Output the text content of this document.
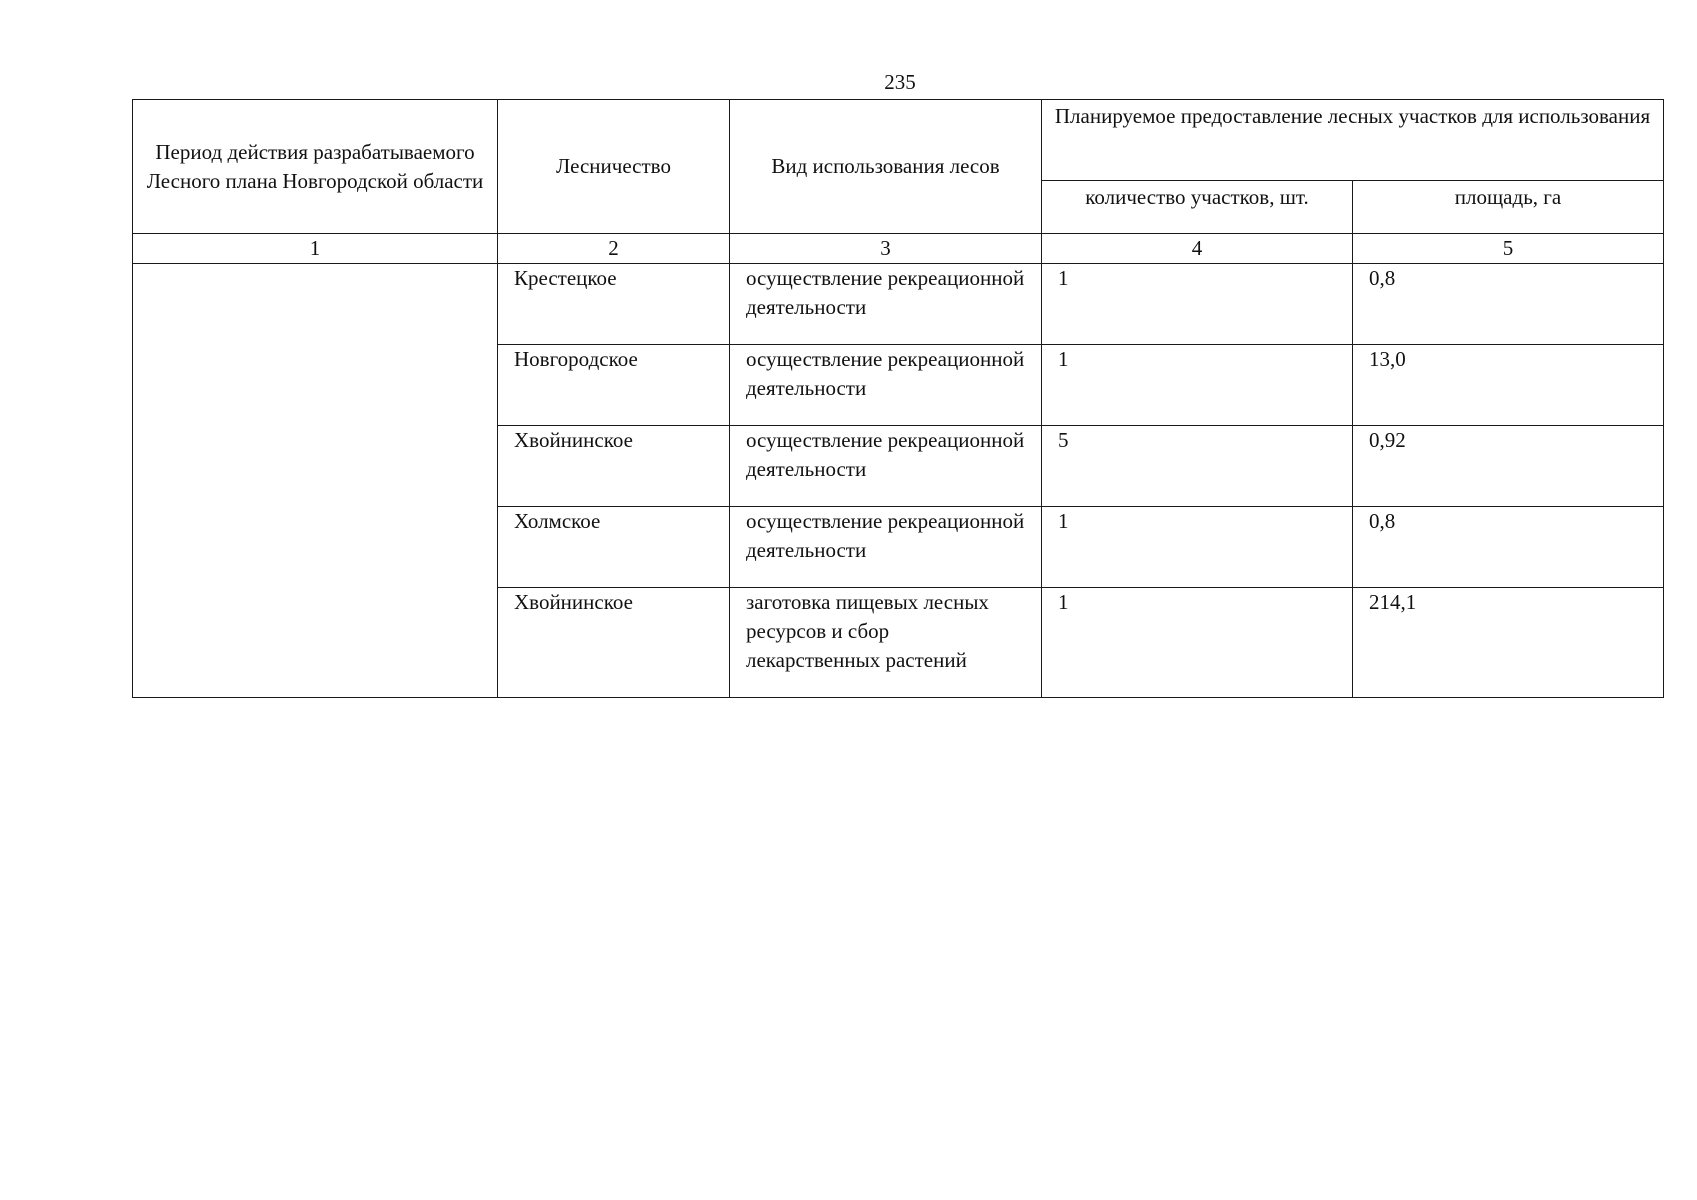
235
Период действия разрабатываемого Лесного плана Новгородской области	Лесничество	Вид использования лесов	Планируемое предоставление лесных участков для использования	
			количество участков, шт.	площадь, га
1	2	3	4	5
	Крестецкое	осуществление рекреационной деятельности	1	0,8
	Новгородское	осуществление рекреационной деятельности	1	13,0
	Хвойнинское	осуществление рекреационной деятельности	5	0,92
	Холмское	осуществление рекреационной деятельности	1	0,8
	Хвойнинское	заготовка пищевых лесных ресурсов и сбор лекарственных растений	1	214,1
